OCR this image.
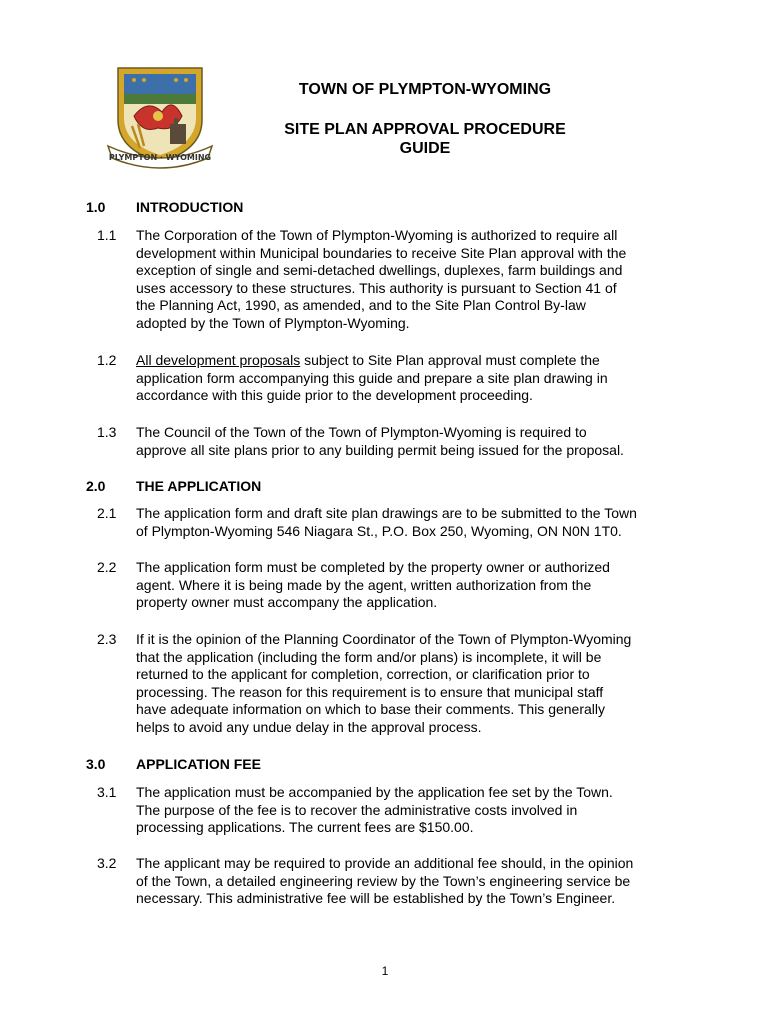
PLYMPTON · WYOMING
TOWN OF PLYMPTON-WYOMING
SITE PLAN APPROVAL PROCEDURE
GUIDE
1.0 INTRODUCTION
1.1	The Corporation of the Town of Plympton-Wyoming is authorized to require all
development within Municipal boundaries to receive Site Plan approval with the
exception of single and semi-detached dwellings, duplexes, farm buildings and
uses accessory to these structures. This authority is pursuant to Section 41 of
the Planning Act, 1990, as amended, and to the Site Plan Control By-law
adopted by the Town of Plympton-Wyoming.
1.2	All development proposals subject to Site Plan approval must complete the
application form accompanying this guide and prepare a site plan drawing in
accordance with this guide prior to the development proceeding.
1.3	The Council of the Town of the Town of Plympton-Wyoming is required to
approve all site plans prior to any building permit being issued for the proposal.
2.0 THE APPLICATION
2.1	The application form and draft site plan drawings are to be submitted to the Town
of Plympton-Wyoming 546 Niagara St., P.O. Box 250, Wyoming, ON N0N 1T0.
2.2	The application form must be completed by the property owner or authorized
agent. Where it is being made by the agent, written authorization from the
property owner must accompany the application.
2.3	If it is the opinion of the Planning Coordinator of the Town of Plympton-Wyoming
that the application (including the form and/or plans) is incomplete, it will be
returned to the applicant for completion, correction, or clarification prior to
processing. The reason for this requirement is to ensure that municipal staff
have adequate information on which to base their comments. This generally
helps to avoid any undue delay in the approval process.
3.0 APPLICATION FEE
3.1	The application must be accompanied by the application fee set by the Town.
The purpose of the fee is to recover the administrative costs involved in
processing applications. The current fees are $150.00.
3.2	The applicant may be required to provide an additional fee should, in the opinion
of the Town, a detailed engineering review by the Town’s engineering service be
necessary. This administrative fee will be established by the Town’s Engineer.
1
